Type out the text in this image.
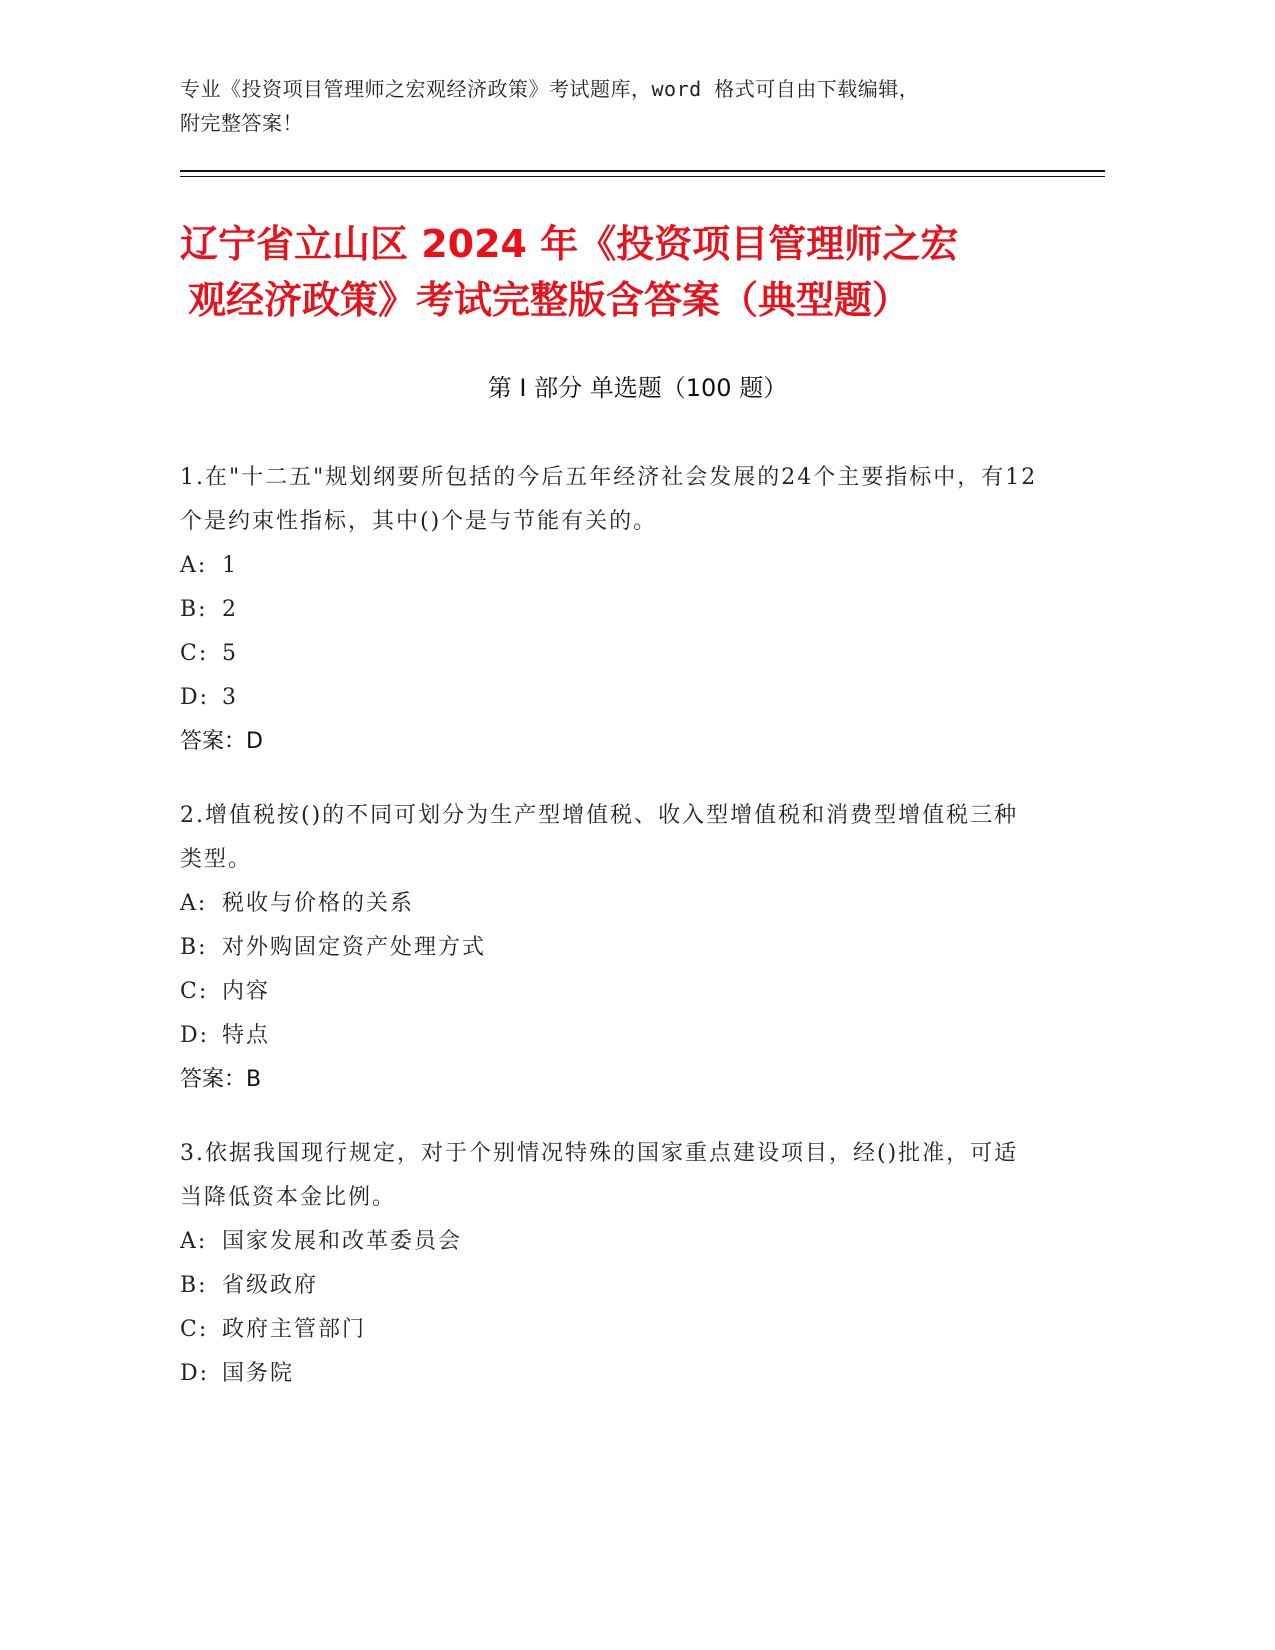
专业《投资项目管理师之宏观经济政策》考试题库，word 格式可自由下载编辑，
附完整答案！
辽宁省立山区 2024 年《投资项目管理师之宏
观经济政策》考试完整版含答案（典型题）
第 I 部分 单选题（100 题）
1.在"十二五"规划纲要所包括的今后五年经济社会发展的24个主要指标中，有12个是约束性指标，其中()个是与节能有关的。
A: 1
B: 2
C: 5
D: 3
答案：D
2.增值税按()的不同可划分为生产型增值税、收入型增值税和消费型增值税三种类型。
A: 税收与价格的关系
B: 对外购固定资产处理方式
C: 内容
D: 特点
答案：B
3.依据我国现行规定，对于个别情况特殊的国家重点建设项目，经()批准，可适当降低资本金比例。
A: 国家发展和改革委员会
B: 省级政府
C: 政府主管部门
D: 国务院
